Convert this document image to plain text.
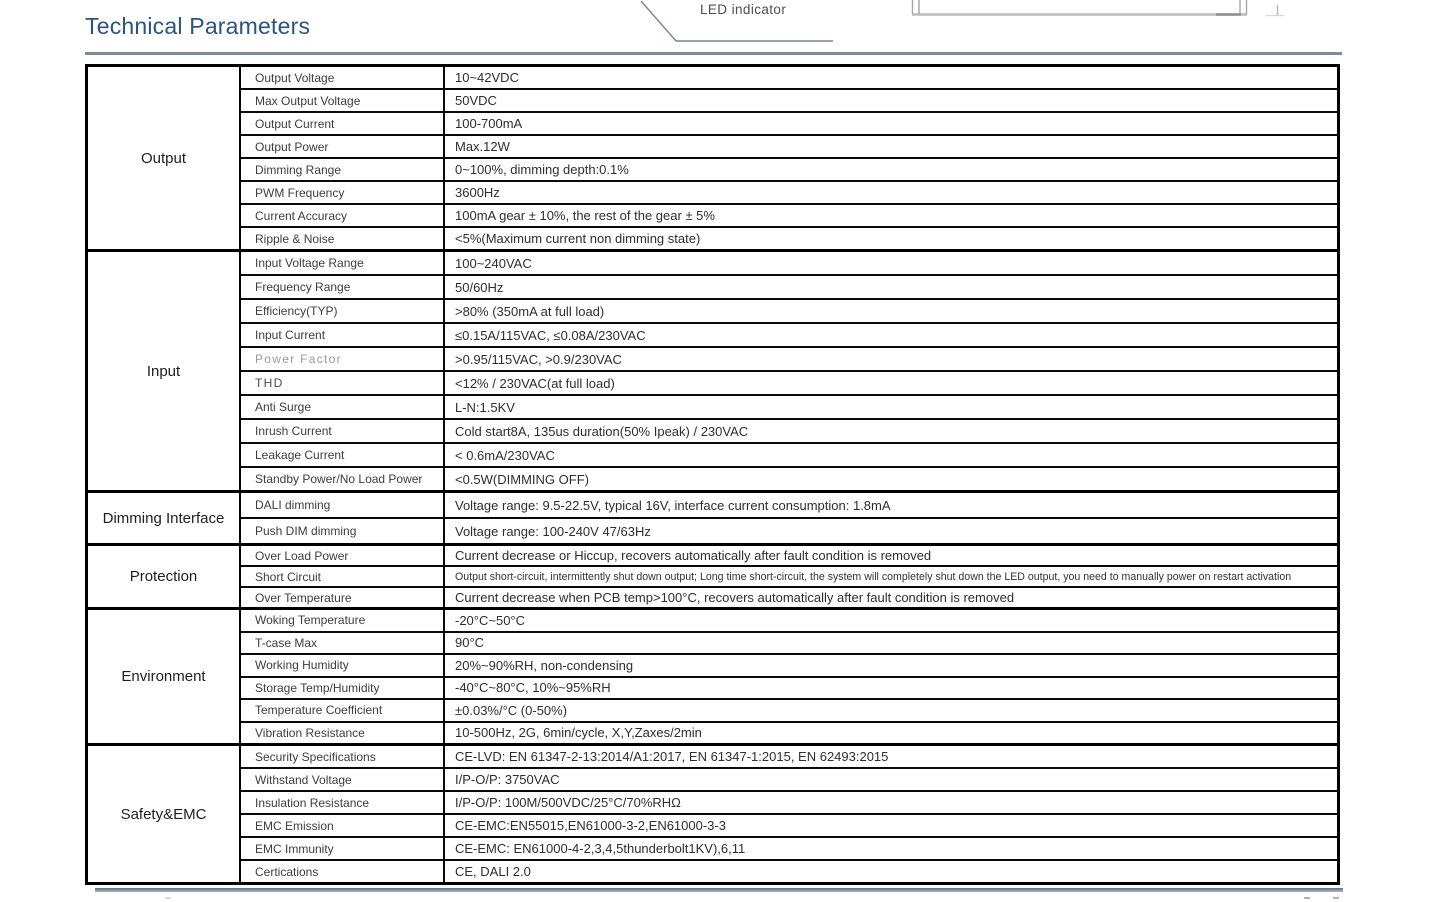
LED indicator
Technical Parameters
Output
Output Voltage	10~42VDC
Max Output Voltage	50VDC
Output Current	100-700mA
Output Power	Max.12W
Dimming Range	0~100%, dimming depth:0.1%
PWM Frequency	3600Hz
Current Accuracy	100mA gear ± 10%, the rest of the gear ± 5%
Ripple & Noise	<5%(Maximum current non dimming state)
Input
Input Voltage Range	100~240VAC
Frequency Range	50/60Hz
Efficiency(TYP)	>80% (350mA at full load)
Input Current	≤0.15A/115VAC, ≤0.08A/230VAC
Power Factor	>0.95/115VAC, >0.9/230VAC
THD	<12% / 230VAC(at full load)
Anti Surge	L-N:1.5KV
Inrush Current	Cold start8A, 135us duration(50% Ipeak) / 230VAC
Leakage Current	< 0.6mA/230VAC
Standby Power/No Load Power	<0.5W(DIMMING OFF)
Dimming Interface
DALI dimming	Voltage range: 9.5-22.5V, typical 16V, interface current consumption: 1.8mA
Push DIM dimming	Voltage range: 100-240V 47/63Hz
Protection
Over Load Power	Current decrease or Hiccup, recovers automatically after fault condition is removed
Short Circuit	Output short-circuit, intermittently shut down output; Long time short-circuit, the system will completely shut down the LED output, you need to manually power on restart activation
Over Temperature	Current decrease when PCB temp>100°C, recovers automatically after fault condition is removed
Environment
Woking Temperature	-20°C~50°C
T-case Max	90°C
Working Humidity	20%~90%RH, non-condensing
Storage Temp/Humidity	-40°C~80°C, 10%~95%RH
Temperature Coefficient	±0.03%/°C (0-50%)
Vibration Resistance	10-500Hz, 2G, 6min/cycle, X,Y,Zaxes/2min
Safety&EMC
Security Specifications	CE-LVD: EN 61347-2-13:2014/A1:2017, EN 61347-1:2015, EN 62493:2015
Withstand Voltage	I/P-O/P: 3750VAC
Insulation Resistance	I/P-O/P: 100M/500VDC/25°C/70%RHΩ
EMC Emission	CE-EMC:EN55015,EN61000-3-2,EN61000-3-3
EMC Immunity	CE-EMC: EN61000-4-2,3,4,5thunderbolt1KV),6,11
Certications	CE, DALI 2.0
